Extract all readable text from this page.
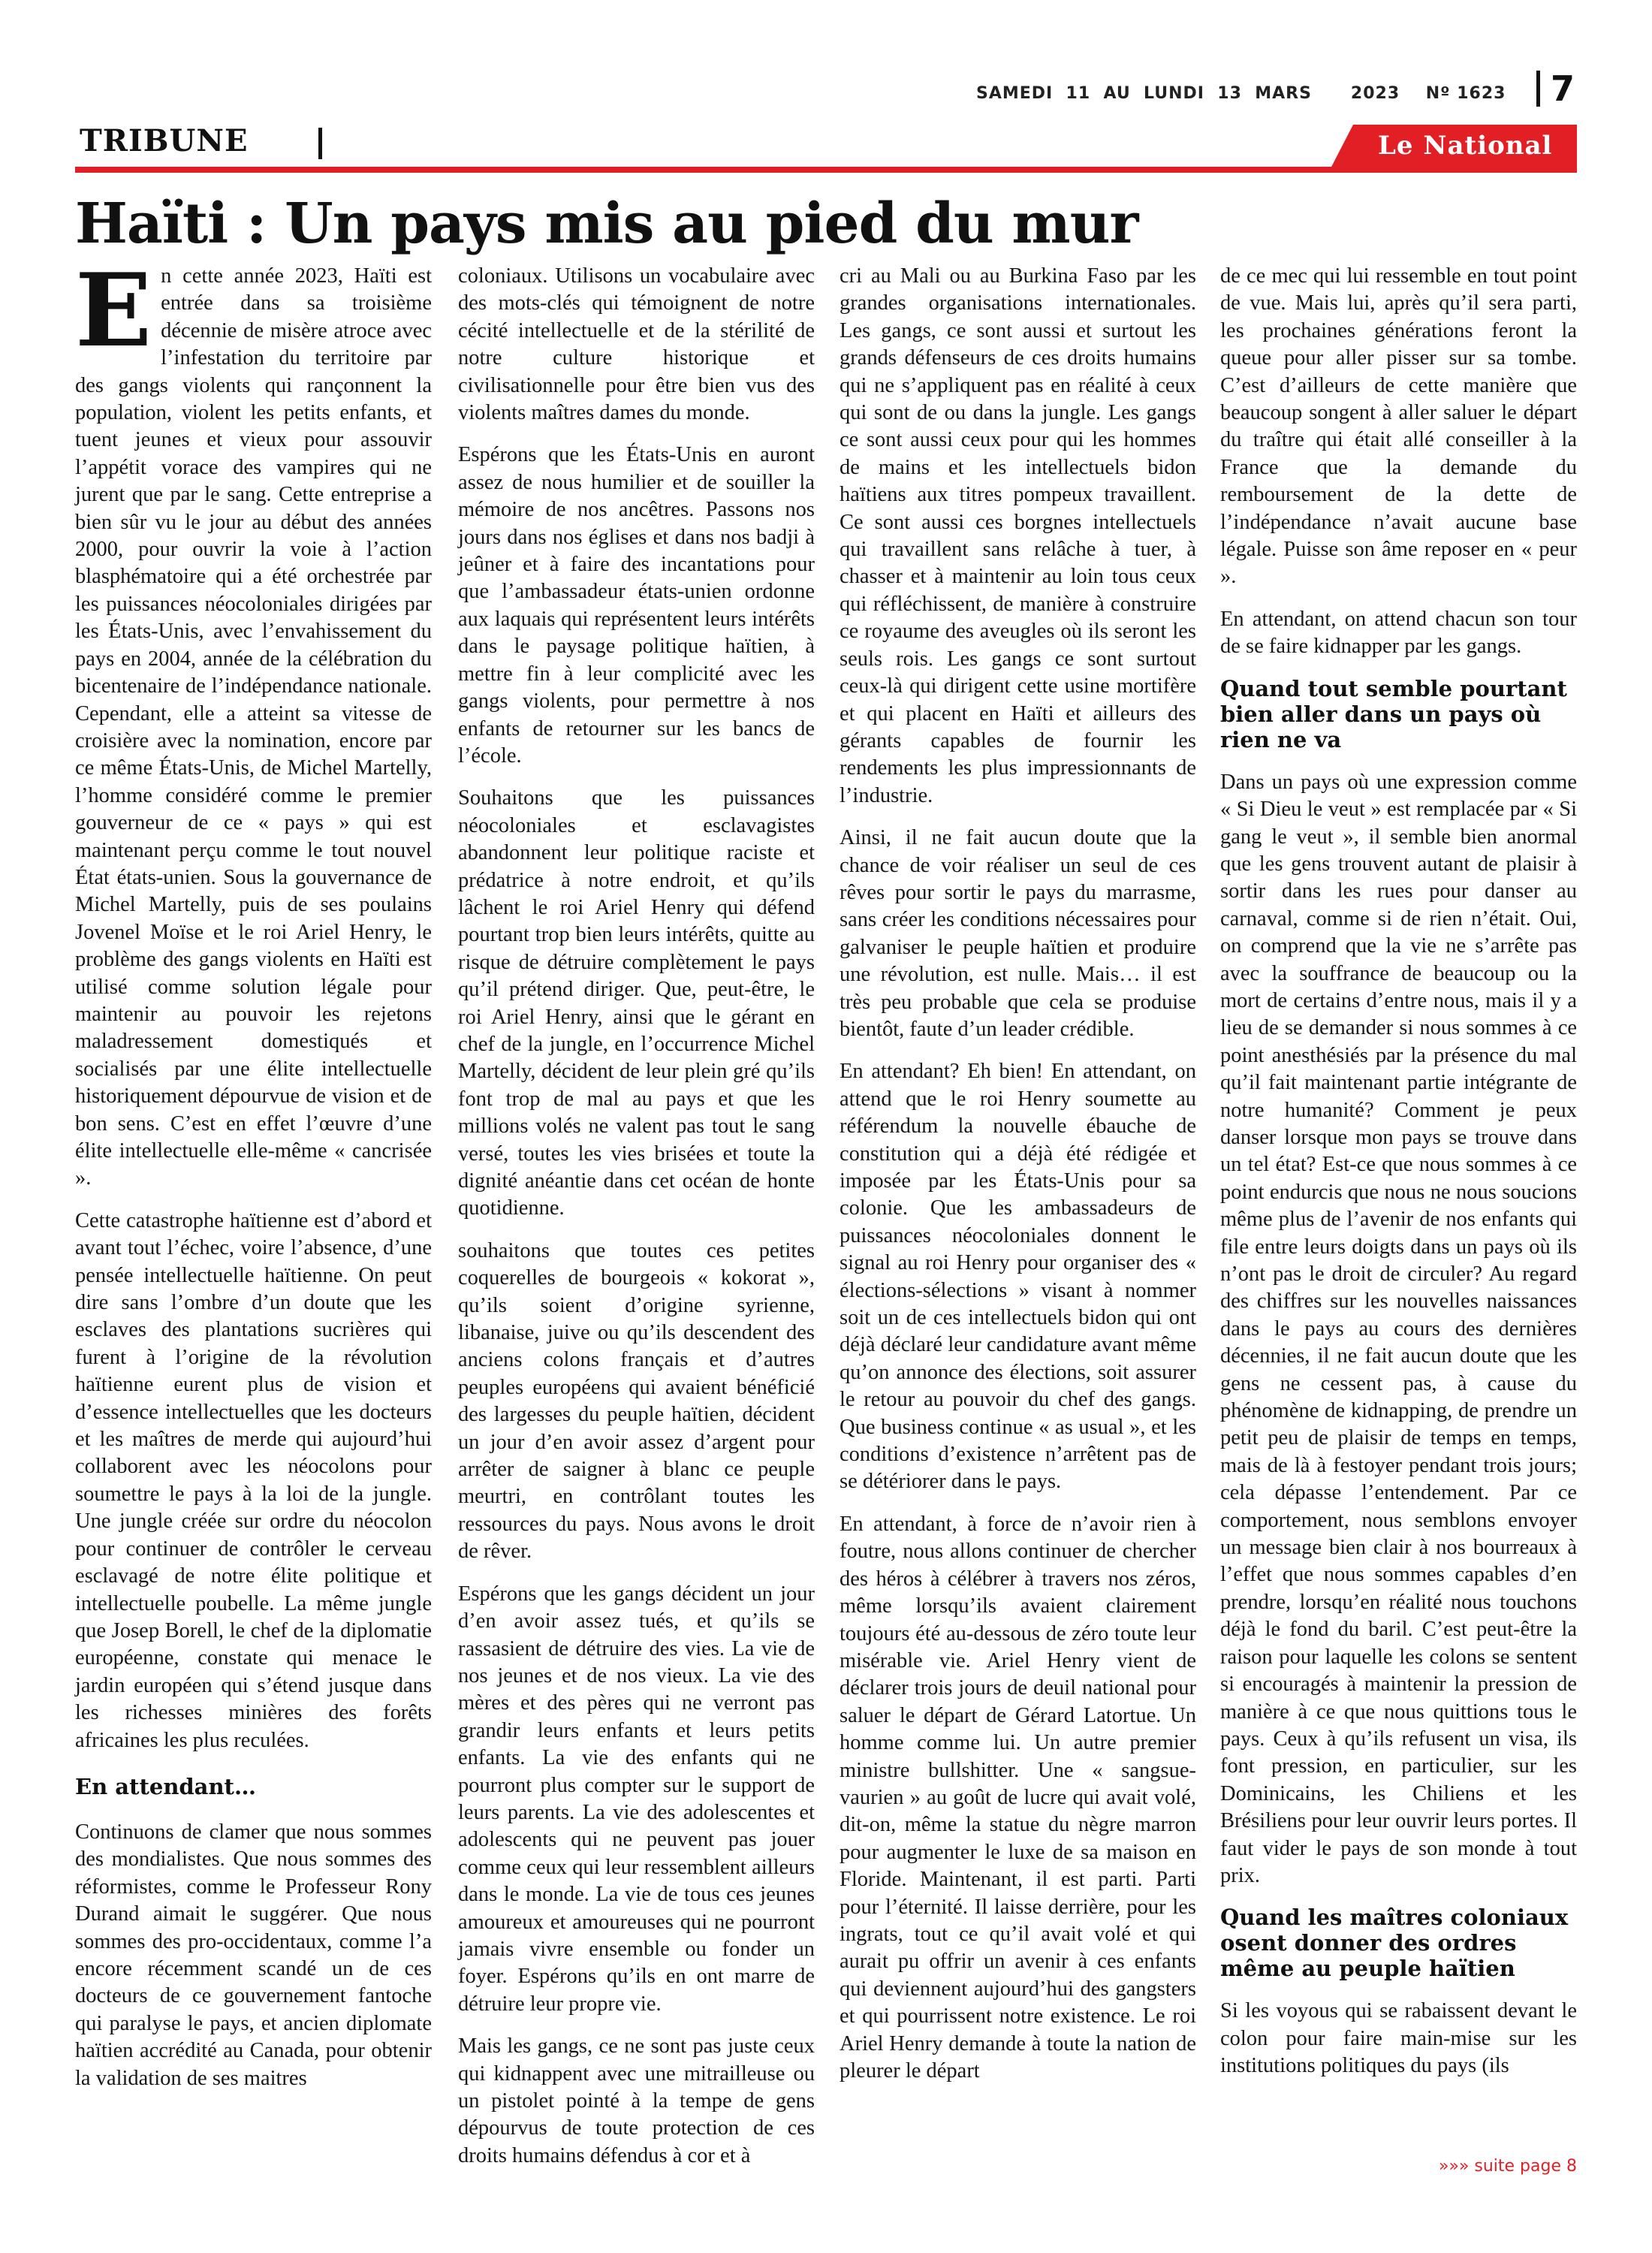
SAMEDI  11  AU  LUNDI  13  MARS      2023    Nº 1623	7
TRIBUNE	Le National
Haïti : Un pays mis au pied du mur

En cette année 2023, Haïti est entrée dans sa troisième décennie de misère atroce avec l’infestation du territoire par des gangs violents qui rançonnent la population, violent les petits enfants, et tuent jeunes et vieux pour assouvir l’appétit vorace des vampires qui ne jurent que par le sang. Cette entreprise a bien sûr vu le jour au début des années 2000, pour ouvrir la voie à l’action blasphématoire qui a été orchestrée par les puissances néocoloniales dirigées par les États-Unis, avec l’envahissement du pays en 2004, année de la célébration du bicentenaire de l’indépendance nationale. Cependant, elle a atteint sa vitesse de croisière avec la nomination, encore par ce même États-Unis, de Michel Martelly, l’homme considéré comme le premier gouverneur de ce « pays » qui est maintenant perçu comme le tout nouvel État états-unien. Sous la gouvernance de Michel Martelly, puis de ses poulains Jovenel Moïse et le roi Ariel Henry, le problème des gangs violents en Haïti est utilisé comme solution légale pour maintenir au pouvoir les rejetons maladressement domestiqués et socialisés par une élite intellectuelle historiquement dépourvue de vision et de bon sens. C’est en effet l’œuvre d’une élite intellectuelle elle-même « cancrisée ».

Cette catastrophe haïtienne est d’abord et avant tout l’échec, voire l’absence, d’une pensée intellectuelle haïtienne. On peut dire sans l’ombre d’un doute que les esclaves des plantations sucrières qui furent à l’origine de la révolution haïtienne eurent plus de vision et d’essence intellectuelles que les docteurs et les maîtres de merde qui aujourd’hui collaborent avec les néocolons pour soumettre le pays à la loi de la jungle. Une jungle créée sur ordre du néocolon pour continuer de contrôler le cerveau esclavagé de notre élite politique et intellectuelle poubelle. La même jungle que Josep Borell, le chef de la diplomatie européenne, constate qui menace le jardin européen qui s’étend jusque dans les richesses minières des forêts africaines les plus reculées.

En attendant…

Continuons de clamer que nous sommes des mondialistes. Que nous sommes des réformistes, comme le Professeur Rony Durand aimait le suggérer. Que nous sommes des pro-occidentaux, comme l’a encore récemment scandé un de ces docteurs de ce gouvernement fantoche qui paralyse le pays, et ancien diplomate haïtien accrédité au Canada, pour obtenir la validation de ses maitres

coloniaux. Utilisons un vocabulaire avec des mots-clés qui témoignent de notre cécité intellectuelle et de la stérilité de notre culture historique et civilisationnelle pour être bien vus des violents maîtres dames du monde.

Espérons que les États-Unis en auront assez de nous humilier et de souiller la mémoire de nos ancêtres. Passons nos jours dans nos églises et dans nos badji à jeûner et à faire des incantations pour que l’ambassadeur états-unien ordonne aux laquais qui représentent leurs intérêts dans le paysage politique haïtien, à mettre fin à leur complicité avec les gangs violents, pour permettre à nos enfants de retourner sur les bancs de l’école.

Souhaitons que les puissances néocoloniales et esclavagistes abandonnent leur politique raciste et prédatrice à notre endroit, et qu’ils lâchent le roi Ariel Henry qui défend pourtant trop bien leurs intérêts, quitte au risque de détruire complètement le pays qu’il prétend diriger. Que, peut-être, le roi Ariel Henry, ainsi que le gérant en chef de la jungle, en l’occurrence Michel Martelly, décident de leur plein gré qu’ils font trop de mal au pays et que les millions volés ne valent pas tout le sang versé, toutes les vies brisées et toute la dignité anéantie dans cet océan de honte quotidienne.

souhaitons que toutes ces petites coquerelles de bourgeois « kokorat », qu’ils soient d’origine syrienne, libanaise, juive ou qu’ils descendent des anciens colons français et d’autres peuples européens qui avaient bénéficié des largesses du peuple haïtien, décident un jour d’en avoir assez d’argent pour arrêter de saigner à blanc ce peuple meurtri, en contrôlant toutes les ressources du pays. Nous avons le droit de rêver.

Espérons que les gangs décident un jour d’en avoir assez tués, et qu’ils se rassasient de détruire des vies. La vie de nos jeunes et de nos vieux. La vie des mères et des pères qui ne verront pas grandir leurs enfants et leurs petits enfants. La vie des enfants qui ne pourront plus compter sur le support de leurs parents. La vie des adolescentes et adolescents qui ne peuvent pas jouer comme ceux qui leur ressemblent ailleurs dans le monde. La vie de tous ces jeunes amoureux et amoureuses qui ne pourront jamais vivre ensemble ou fonder un foyer. Espérons qu’ils en ont marre de détruire leur propre vie.

Mais les gangs, ce ne sont pas juste ceux qui kidnappent avec une mitrailleuse ou un pistolet pointé à la tempe de gens dépourvus de toute protection de ces droits humains défendus à cor et à

cri au Mali ou au Burkina Faso par les grandes organisations internationales. Les gangs, ce sont aussi et surtout les grands défenseurs de ces droits humains qui ne s’appliquent pas en réalité à ceux qui sont de ou dans la jungle. Les gangs ce sont aussi ceux pour qui les hommes de mains et les intellectuels bidon haïtiens aux titres pompeux travaillent. Ce sont aussi ces borgnes intellectuels qui travaillent sans relâche à tuer, à chasser et à maintenir au loin tous ceux qui réfléchissent, de manière à construire ce royaume des aveugles où ils seront les seuls rois. Les gangs ce sont surtout ceux-là qui dirigent cette usine mortifère et qui placent en Haïti et ailleurs des gérants capables de fournir les rendements les plus impressionnants de l’industrie.

Ainsi, il ne fait aucun doute que la chance de voir réaliser un seul de ces rêves pour sortir le pays du marrasme, sans créer les conditions nécessaires pour galvaniser le peuple haïtien et produire une révolution, est nulle. Mais… il est très peu probable que cela se produise bientôt, faute d’un leader crédible.

En attendant? Eh bien! En attendant, on attend que le roi Henry soumette au référendum la nouvelle ébauche de constitution qui a déjà été rédigée et imposée par les États-Unis pour sa colonie. Que les ambassadeurs de puissances néocoloniales donnent le signal au roi Henry pour organiser des « élections-sélections » visant à nommer soit un de ces intellectuels bidon qui ont déjà déclaré leur candidature avant même qu’on annonce des élections, soit assurer le retour au pouvoir du chef des gangs. Que business continue « as usual », et les conditions d’existence n’arrêtent pas de se détériorer dans le pays.

En attendant, à force de n’avoir rien à foutre, nous allons continuer de chercher des héros à célébrer à travers nos zéros, même lorsqu’ils avaient clairement toujours été au-dessous de zéro toute leur misérable vie. Ariel Henry vient de déclarer trois jours de deuil national pour saluer le départ de Gérard Latortue. Un homme comme lui. Un autre premier ministre bullshitter. Une « sangsue-vaurien » au goût de lucre qui avait volé, dit-on, même la statue du nègre marron pour augmenter le luxe de sa maison en Floride. Maintenant, il est parti. Parti pour l’éternité. Il laisse derrière, pour les ingrats, tout ce qu’il avait volé et qui aurait pu offrir un avenir à ces enfants qui deviennent aujourd’hui des gangsters et qui pourrissent notre existence. Le roi Ariel Henry demande à toute la nation de pleurer le départ

de ce mec qui lui ressemble en tout point de vue. Mais lui, après qu’il sera parti, les prochaines générations feront la queue pour aller pisser sur sa tombe. C’est d’ailleurs de cette manière que beaucoup songent à aller saluer le départ du traître qui était allé conseiller à la France que la demande du remboursement de la dette de l’indépendance n’avait aucune base légale. Puisse son âme reposer en « peur ».

En attendant, on attend chacun son tour de se faire kidnapper par les gangs.

Quand tout semble pourtant bien aller dans un pays où rien ne va

Dans un pays où une expression comme « Si Dieu le veut » est remplacée par « Si gang le veut », il semble bien anormal que les gens trouvent autant de plaisir à sortir dans les rues pour danser au carnaval, comme si de rien n’était. Oui, on comprend que la vie ne s’arrête pas avec la souffrance de beaucoup ou la mort de certains d’entre nous, mais il y a lieu de se demander si nous sommes à ce point anesthésiés par la présence du mal qu’il fait maintenant partie intégrante de notre humanité? Comment je peux danser lorsque mon pays se trouve dans un tel état? Est-ce que nous sommes à ce point endurcis que nous ne nous soucions même plus de l’avenir de nos enfants qui file entre leurs doigts dans un pays où ils n’ont pas le droit de circuler? Au regard des chiffres sur les nouvelles naissances dans le pays au cours des dernières décennies, il ne fait aucun doute que les gens ne cessent pas, à cause du phénomène de kidnapping, de prendre un petit peu de plaisir de temps en temps, mais de là à festoyer pendant trois jours; cela dépasse l’entendement. Par ce comportement, nous semblons envoyer un message bien clair à nos bourreaux à l’effet que nous sommes capables d’en prendre, lorsqu’en réalité nous touchons déjà le fond du baril. C’est peut-être la raison pour laquelle les colons se sentent si encouragés à maintenir la pression de manière à ce que nous quittions tous le pays. Ceux à qu’ils refusent un visa, ils font pression, en particulier, sur les Dominicains, les Chiliens et les Brésiliens pour leur ouvrir leurs portes. Il faut vider le pays de son monde à tout prix.

Quand les maîtres coloniaux osent donner des ordres même au peuple haïtien

Si les voyous qui se rabaissent devant le colon pour faire main-mise sur les institutions politiques du pays (ils

»»» suite page 8
